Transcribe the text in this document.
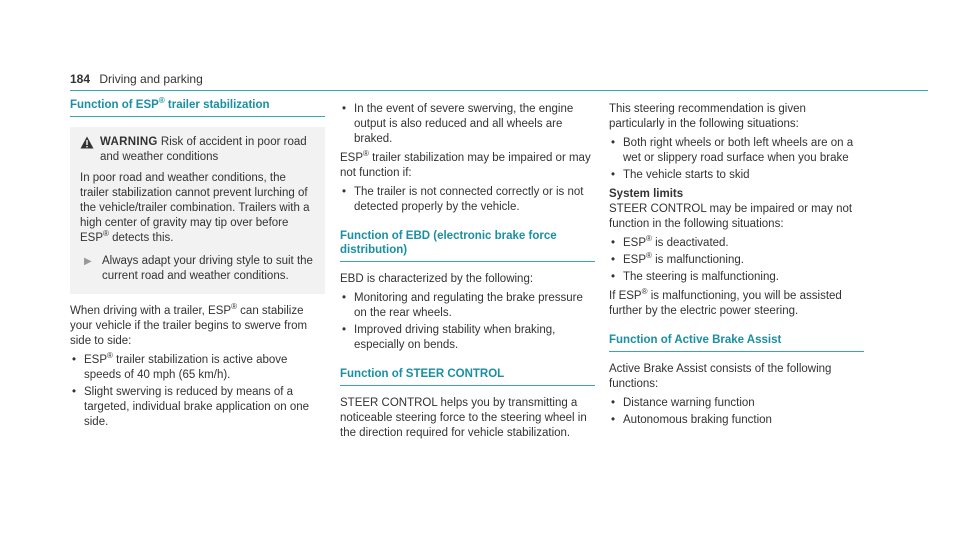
184 Driving and parking
Function of ESP® trailer stabilization
WARNING Risk of accident in poor road and weather conditions

In poor road and weather conditions, the trailer stabilization cannot prevent lurching of the vehicle/trailer combination. Trailers with a high center of gravity may tip over before ESP® detects this.

▶ Always adapt your driving style to suit the current road and weather conditions.

When driving with a trailer, ESP® can stabilize your vehicle if the trailer begins to swerve from side to side:

• ESP® trailer stabilization is active above speeds of 40 mph (65 km/h).
• Slight swerving is reduced by means of a targeted, individual brake application on one side.
• In the event of severe swerving, the engine output is also reduced and all wheels are braked.

ESP® trailer stabilization may be impaired or may not function if:

• The trailer is not connected correctly or is not detected properly by the vehicle.
Function of EBD (electronic brake force distribution)

EBD is characterized by the following:

• Monitoring and regulating the brake pressure on the rear wheels.
• Improved driving stability when braking, especially on bends.
Function of STEER CONTROL

STEER CONTROL helps you by transmitting a noticeable steering force to the steering wheel in the direction required for vehicle stabilization.

This steering recommendation is given particularly in the following situations:

• Both right wheels or both left wheels are on a wet or slippery road surface when you brake
• The vehicle starts to skid

System limits

STEER CONTROL may be impaired or may not function in the following situations:

• ESP® is deactivated.
• ESP® is malfunctioning.
• The steering is malfunctioning.

If ESP® is malfunctioning, you will be assisted further by the electric power steering.

Function of Active Brake Assist

Active Brake Assist consists of the following functions:

• Distance warning function
• Autonomous braking function
